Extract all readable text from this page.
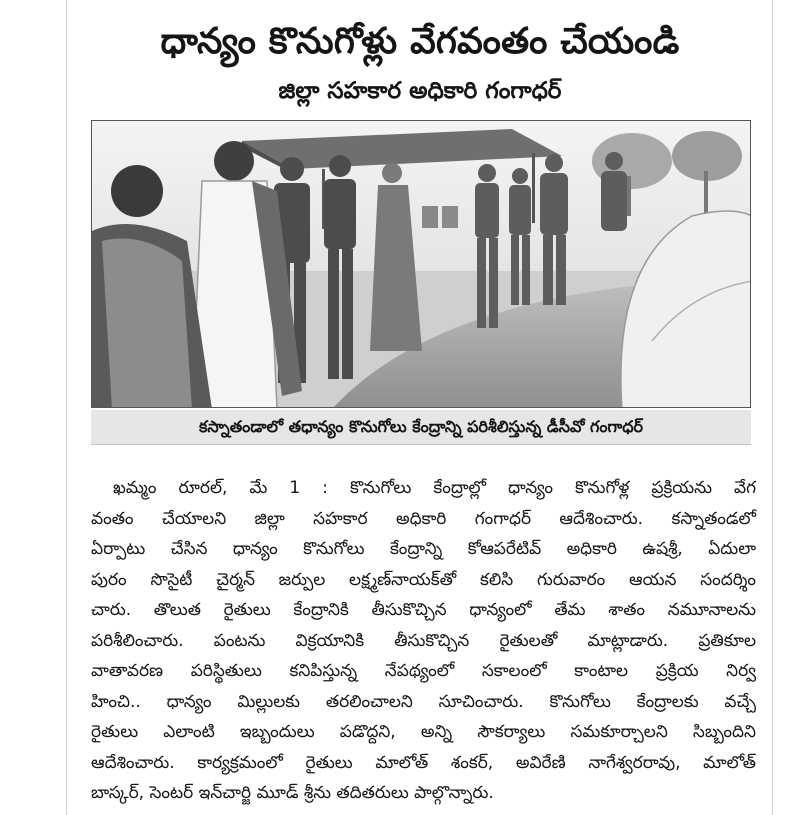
ధాన్యం కొనుగోళ్లు వేగవంతం చేయండి
జిల్లా సహకార అధికారి గంగాధర్
కస్నాతండాలో తధాన్యం కొనుగోలు కేంద్రాన్ని పరిశీలిస్తున్న డీసీవో గంగాధర్
ఖమ్మం రూరల్, మే 1 : కొనుగోలు కేంద్రాల్లో ధాన్యం కొనుగోళ్ల ప్రక్రియను వేగ
వంతం చేయాలని జిల్లా సహకార అధికారి గంగాధర్ ఆదేశించారు. కస్నాతండలో
ఏర్పాటు చేసిన ధాన్యం కొనుగోలు కేంద్రాన్ని కోఆపరేటివ్ అధికారి ఉషశ్రీ, ఏదులా
పురం సొసైటీ చైర్మన్ జర్పుల లక్ష్మణ్‌నాయక్‌తో కలిసి గురువారం ఆయన సందర్శిం
చారు. తొలుత రైతులు కేంద్రానికి తీసుకొచ్చిన ధాన్యంలో తేమ శాతం నమూనాలను
పరిశీలించారు. పంటను విక్రయానికి తీసుకొచ్చిన రైతులతో మాట్లాడారు. ప్రతికూల
వాతావరణ పరిస్థితులు కనిపిస్తున్న నేపథ్యంలో సకాలంలో కాంటాల ప్రక్రియ నిర్వ
హించి.. ధాన్యం మిల్లులకు తరలించాలని సూచించారు. కొనుగోలు కేంద్రాలకు వచ్చే
రైతులు ఎలాంటి ఇబ్బందులు పడొద్దని, అన్ని సౌకర్యాలు సమకూర్చాలని సిబ్బందిని
ఆదేశించారు. కార్యక్రమంలో రైతులు మాలోత్ శంకర్, అవిరేణి నాగేశ్వరరావు, మాలోత్
బాస్కర్, సెంటర్ ఇన్‌చార్జి మూడ్ శ్రీను తదితరులు పాల్గొన్నారు.
